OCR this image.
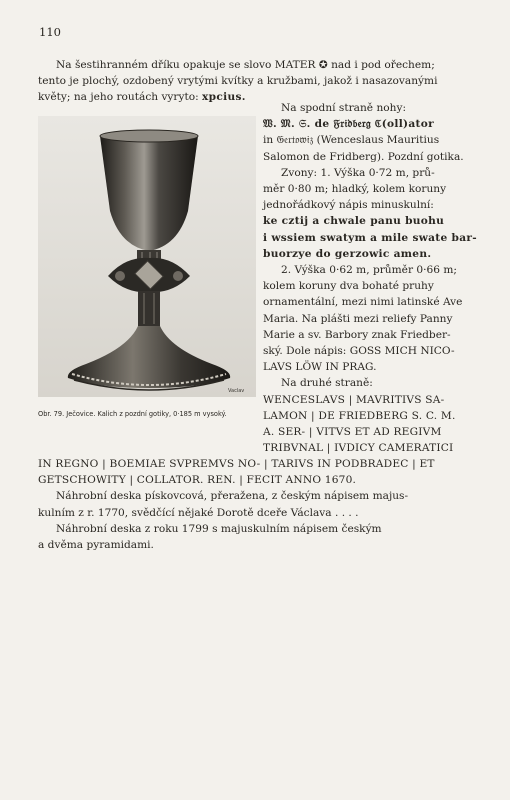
110

Na šestihranném dříku opakuje se slovo MATER ✪ nad i pod ořechem;
tento je plochý, ozdobený vrytými kvítky a kružbami, jakož i nasazovanými
květy; na jeho routách vyryto: xpcius.

Vaclav
Obr. 79. Ječovice. Kalich z pozdní gotiky, 0·185 m vysoký.
Na spodní straně nohy:
𝔚. 𝔐. 𝔖. de 𝔉𝔯𝔦𝔡𝔟𝔢𝔯𝔤 ℭ(oll)ator
in 𝔊𝔢𝔯𝔱𝔬𝔴𝔦𝔷 (Wenceslaus Mauritius
Salomon de Fridberg). Pozdní gotika.
Zvony: 1. Výška 0·72 m, prů-
měr 0·80 m; hladký, kolem koruny
jednořádkový nápis minuskulní:
ke cztij a chwale panu buohu
i wssiem swatym a mile swate bar-
buorzye do gerzowic amen.
2. Výška 0·62 m, průměr 0·66 m;
kolem koruny dva bohaté pruhy
ornamentální, mezi nimi latinské Ave
Maria. Na plášti mezi reliefy Panny
Marie a sv. Barbory znak Friedber-
ský. Dole nápis: GOSS MICH NICO-
LAVS LÖW IN PRAG.
Na druhé straně:
WENCESLAVS | MAVRITIVS SA-
LAMON | DE FRIEDBERG S. C. M.
A. SER- | VITVS ET AD REGIVM
TRIBVNAL | IVDICY CAMERATICI
IN REGNO | BOEMIAE SVPREMVS NO- | TARIVS IN PODBRADEC | ET
GETSCHOWITY | COLLATOR. REN. | FECIT ANNO 1670.
Náhrobní deska pískovcová, přeražena, z českým nápisem majus-
kulním z r. 1770, svědčící nějaké Dorotě dceře Václava . . . .
Náhrobní deska z roku 1799 s majuskulním nápisem českým
a dvěma pyramidami.
